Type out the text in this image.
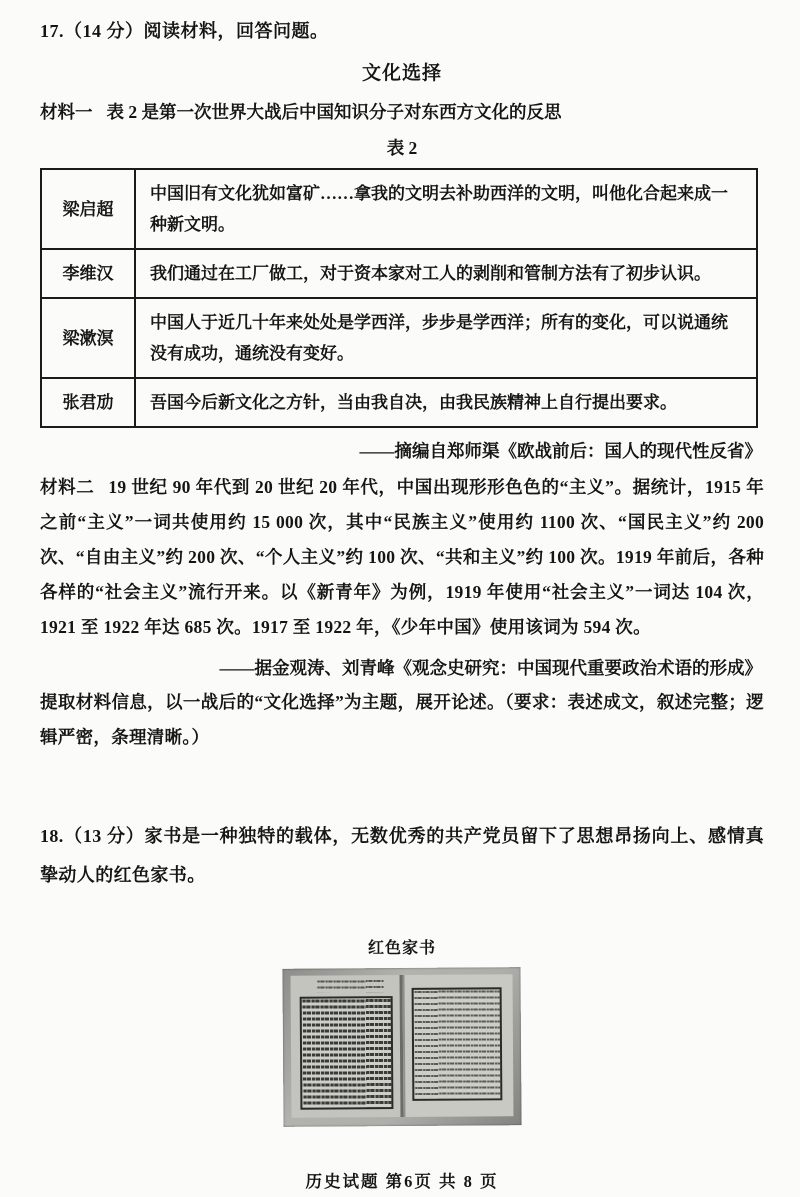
17.（14 分）阅读材料，回答问题。
文化选择
材料一 表 2 是第一次世界大战后中国知识分子对东西方文化的反思
表 2
梁启超	中国旧有文化犹如富矿……拿我的文明去补助西洋的文明，叫他化合起来成一种新文明。
李维汉	我们通过在工厂做工，对于资本家对工人的剥削和管制方法有了初步认识。
梁漱溟	中国人于近几十年来处处是学西洋，步步是学西洋；所有的变化，可以说通统没有成功，通统没有变好。
张君劢	吾国今后新文化之方针，当由我自决，由我民族精神上自行提出要求。
——摘编自郑师渠《欧战前后：国人的现代性反省》
材料二 19 世纪 90 年代到 20 世纪 20 年代，中国出现形形色色的“主义”。据统计，1915 年之前“主义”一词共使用约 15 000 次，其中“民族主义”使用约 1100 次、“国民主义”约 200 次、“自由主义”约 200 次、“个人主义”约 100 次、“共和主义”约 100 次。1919 年前后，各种各样的“社会主义”流行开来。以《新青年》为例，1919 年使用“社会主义”一词达 104 次，1921 至 1922 年达 685 次。1917 至 1922 年，《少年中国》使用该词为 594 次。
——据金观涛、刘青峰《观念史研究：中国现代重要政治术语的形成》
提取材料信息，以一战后的“文化选择”为主题，展开论述。（要求：表述成文，叙述完整；逻辑严密，条理清晰。）
18.（13 分）家书是一种独特的载体，无数优秀的共产党员留下了思想昂扬向上、感情真挚动人的红色家书。
红色家书
历史试题 第6页 共 8 页
